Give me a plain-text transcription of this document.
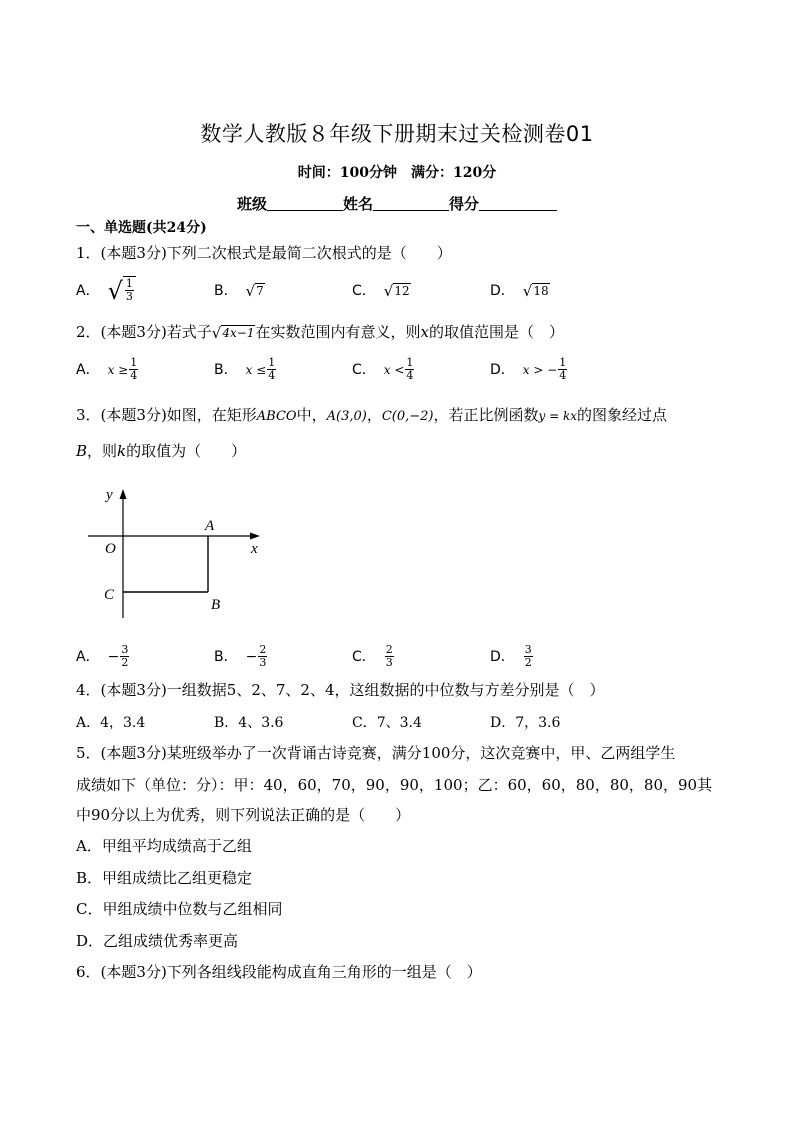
数学人教版８年级下册期末过关检测卷01
时间：100分钟　满分：120分
班级	姓名	得分
一、单选题(共24分)
1．(本题3分)下列二次根式是最简二次根式的是（　　）
A． √ $\frac{1}{3}$	B． √ 7	C． √ 12	D． √ 18
2．(本题3分)若式子 √ 4x−1 在实数范围内有意义，则x的取值范围是（　）
A． $x \ge \frac{1}{4}$	B． $x \le \frac{1}{4}$	C． $x < \frac{1}{4}$	D． x > − $\frac{1}{4}$
3．(本题3分)如图，在矩形ABCO中，A(3,0)，C(0,−2)，若正比例函数y = kx的图象经过点
B，则k的取值为（　　）
y
x
O
A
B
C
A． − $\frac{3}{2}$	B． − $\frac{2}{3}$	C． $\frac{2}{3}$	D． $\frac{3}{2}$
4．(本题3分)一组数据5、2、7、2、4，这组数据的中位数与方差分别是（　）
A．4，3.4	B．4、3.6	C．7、3.4	D．7，3.6
5．(本题3分)某班级举办了一次背诵古诗竞赛，满分100分，这次竞赛中，甲、乙两组学生
成绩如下（单位：分）：甲：40，60，70，90，90，100；乙：60，60，80，80，80，90其
中90分以上为优秀，则下列说法正确的是（　　）
A．甲组平均成绩高于乙组
B．甲组成绩比乙组更稳定
C．甲组成绩中位数与乙组相同
D．乙组成绩优秀率更高
6．(本题3分)下列各组线段能构成直角三角形的一组是（　）
